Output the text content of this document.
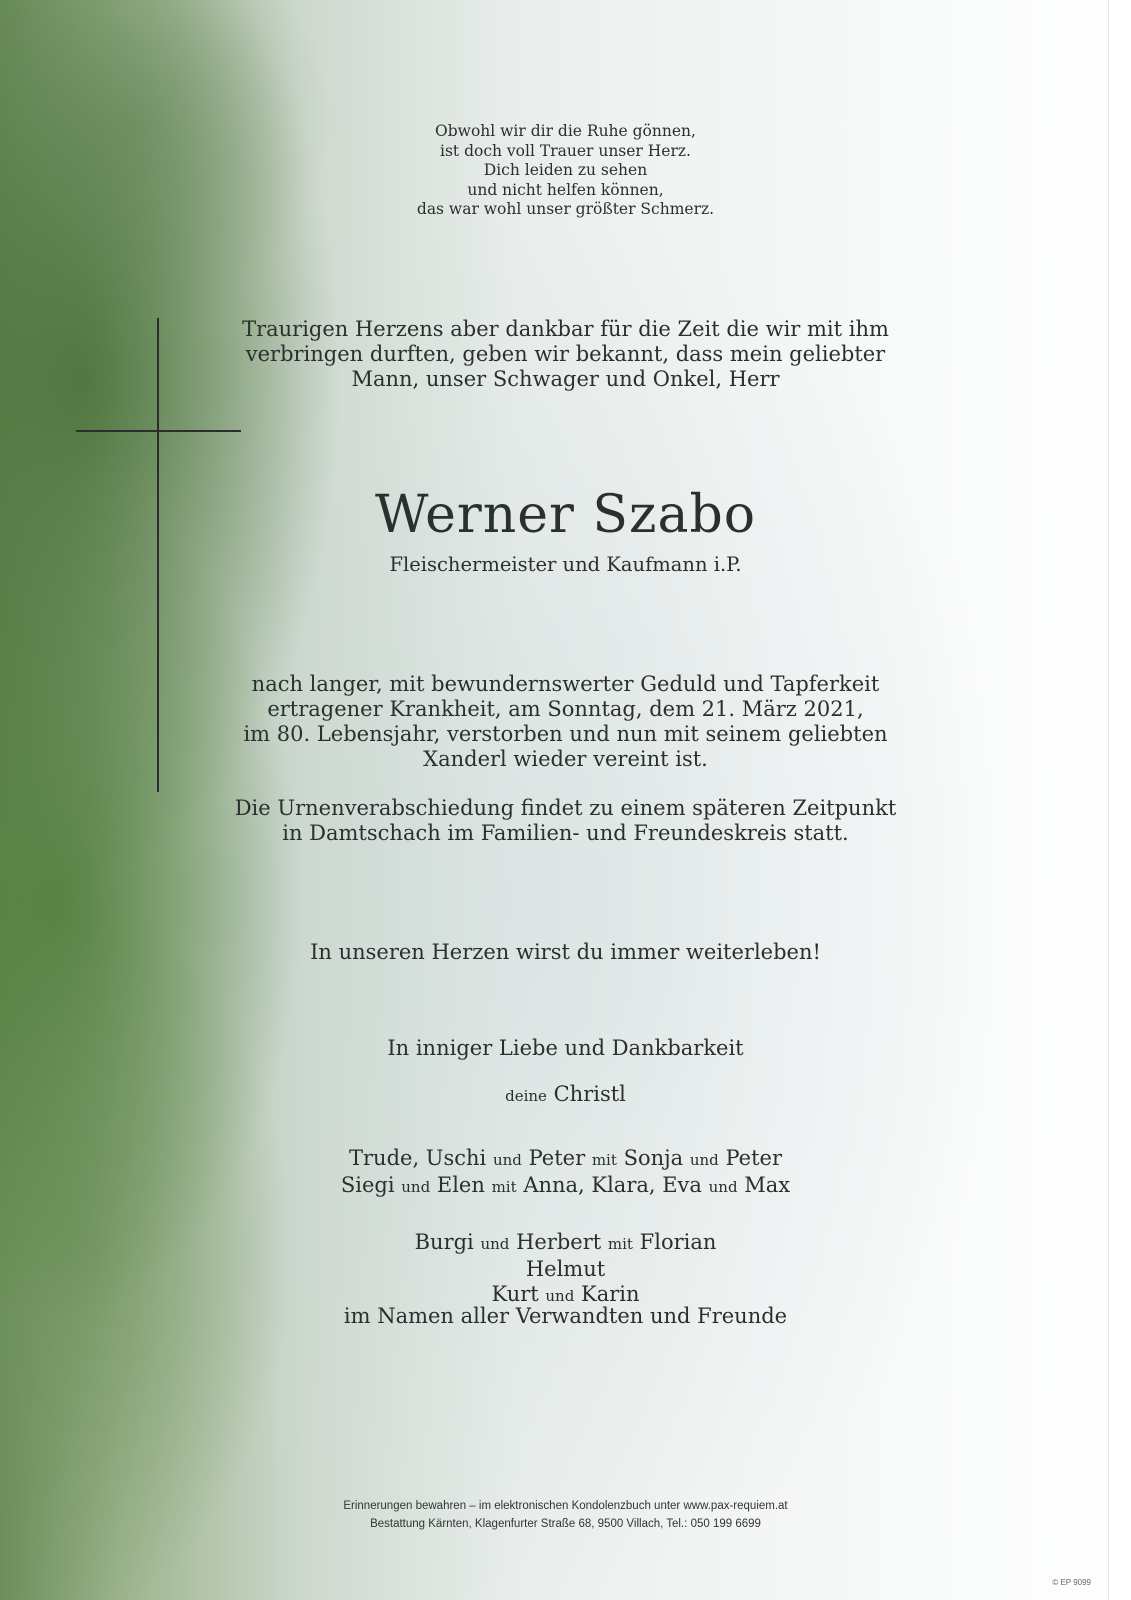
Obwohl wir dir die Ruhe gönnen,
ist doch voll Trauer unser Herz.
Dich leiden zu sehen
und nicht helfen können,
das war wohl unser größter Schmerz.
Traurigen Herzens aber dankbar für die Zeit die wir mit ihm
verbringen durften, geben wir bekannt, dass mein geliebter
Mann, unser Schwager und Onkel, Herr
Werner Szabo
Fleischermeister und Kaufmann i.P.
nach langer, mit bewundernswerter Geduld und Tapferkeit
ertragener Krankheit, am Sonntag, dem 21. März 2021,
im 80. Lebensjahr, verstorben und nun mit seinem geliebten
Xanderl wieder vereint ist.
Die Urnenverabschiedung findet zu einem späteren Zeitpunkt
in Damtschach im Familien- und Freundeskreis statt.
In unseren Herzen wirst du immer weiterleben!
In inniger Liebe und Dankbarkeit
deine Christl
Trude, Uschi und Peter mit Sonja und Peter
Siegi und Elen mit Anna, Klara, Eva und Max
Burgi und Herbert mit Florian
Helmut
Kurt und Karin
im Namen aller Verwandten und Freunde
Erinnerungen bewahren – im elektronischen Kondolenzbuch unter www.pax-requiem.at
Bestattung Kärnten, Klagenfurter Straße 68, 9500 Villach, Tel.: 050 199 6699
© EP 9099
